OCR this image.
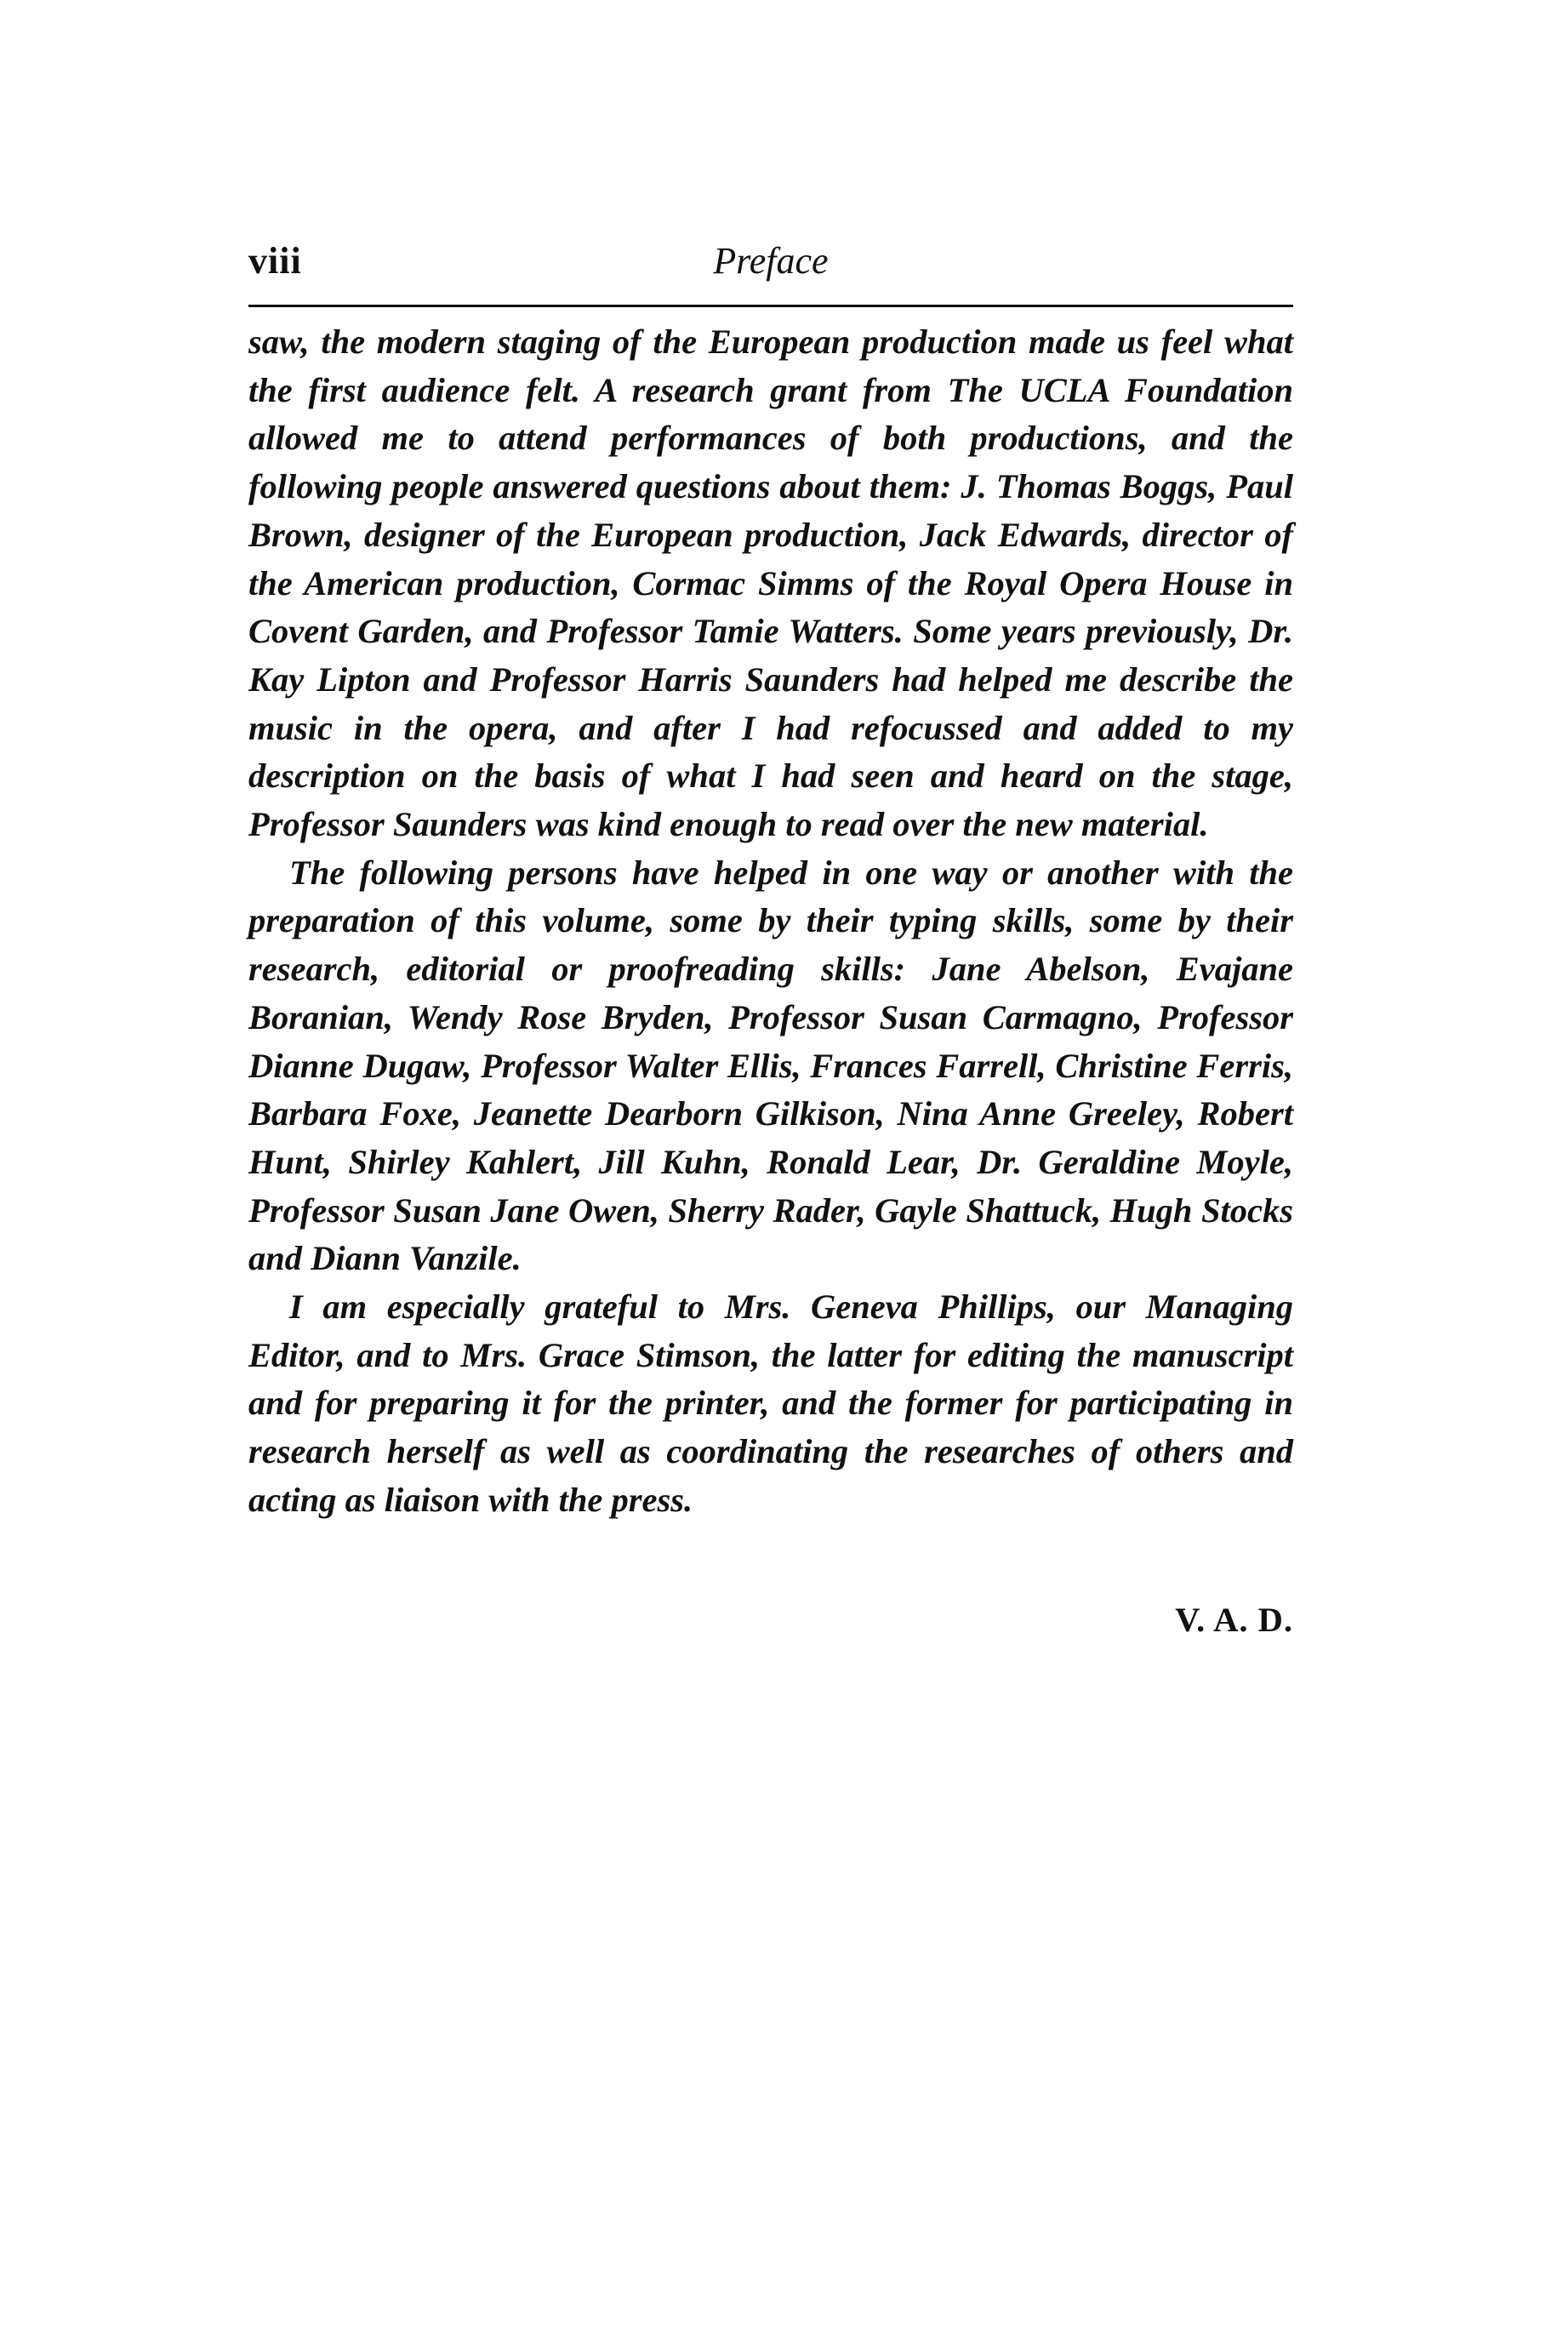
viii	Preface

saw, the modern staging of the European production made us feel what the first audience felt. A research grant from The UCLA Foundation allowed me to attend performances of both productions, and the following people answered questions about them: J. Thomas Boggs, Paul Brown, designer of the European production, Jack Edwards, director of the American production, Cormac Simms of the Royal Opera House in Covent Garden, and Professor Tamie Watters. Some years previously, Dr. Kay Lipton and Professor Harris Saunders had helped me describe the music in the opera, and after I had refocussed and added to my description on the basis of what I had seen and heard on the stage, Professor Saunders was kind enough to read over the new material.

The following persons have helped in one way or another with the preparation of this volume, some by their typing skills, some by their research, editorial or proofreading skills: Jane Abelson, Evajane Boranian, Wendy Rose Bryden, Professor Susan Carmagno, Professor Dianne Dugaw, Professor Walter Ellis, Frances Farrell, Christine Ferris, Barbara Foxe, Jeanette Dearborn Gilkison, Nina Anne Greeley, Robert Hunt, Shirley Kahlert, Jill Kuhn, Ronald Lear, Dr. Geraldine Moyle, Professor Susan Jane Owen, Sherry Rader, Gayle Shattuck, Hugh Stocks and Diann Vanzile.

I am especially grateful to Mrs. Geneva Phillips, our Managing Editor, and to Mrs. Grace Stimson, the latter for editing the manuscript and for preparing it for the printer, and the former for participating in research herself as well as coordinating the researches of others and acting as liaison with the press.

V. A. D.
